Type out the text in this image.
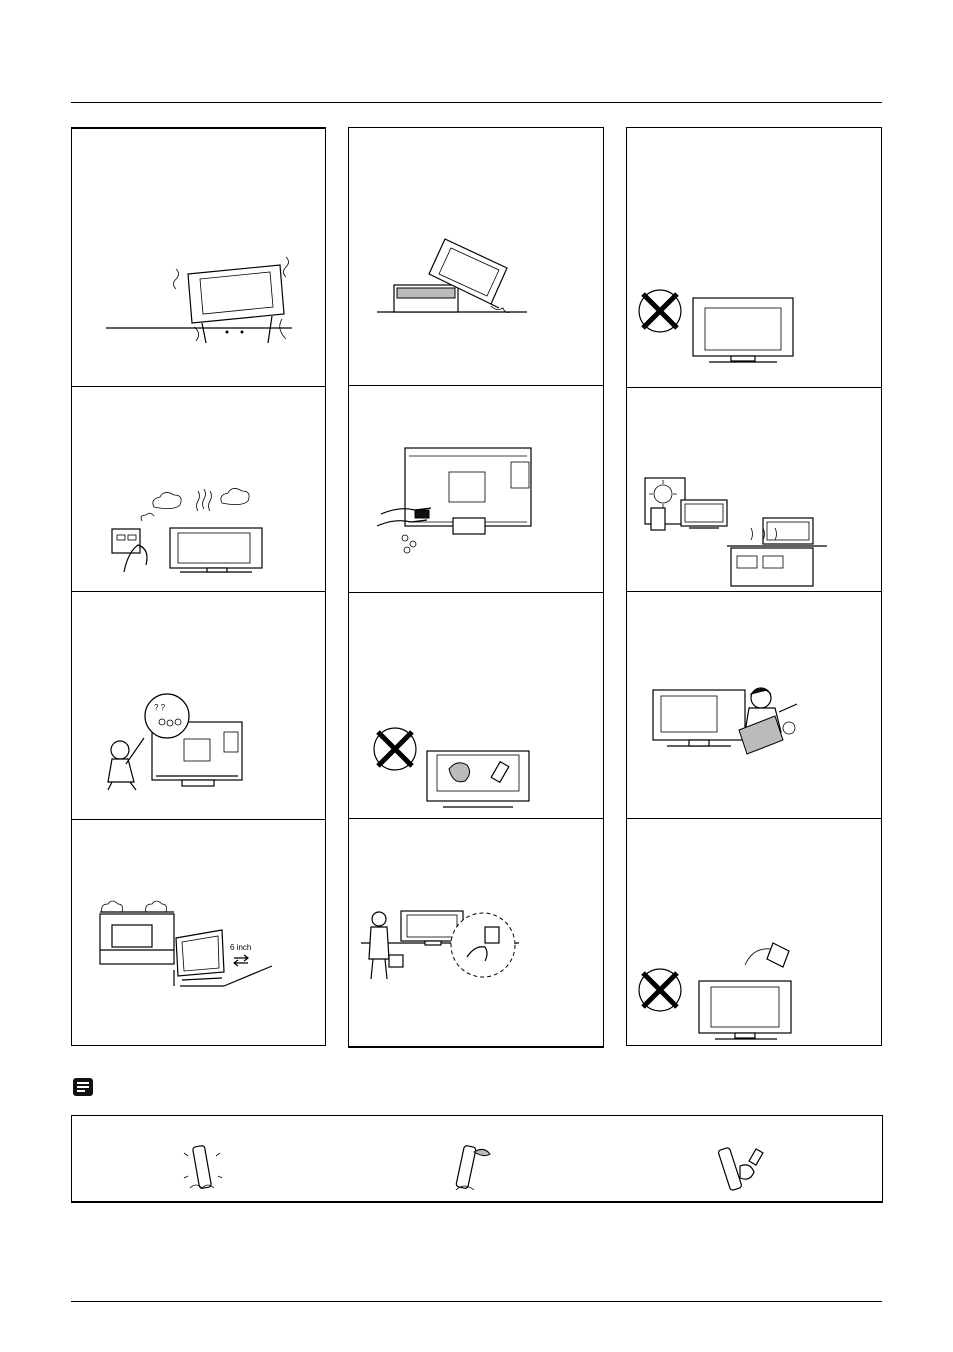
? ?
6 inch
